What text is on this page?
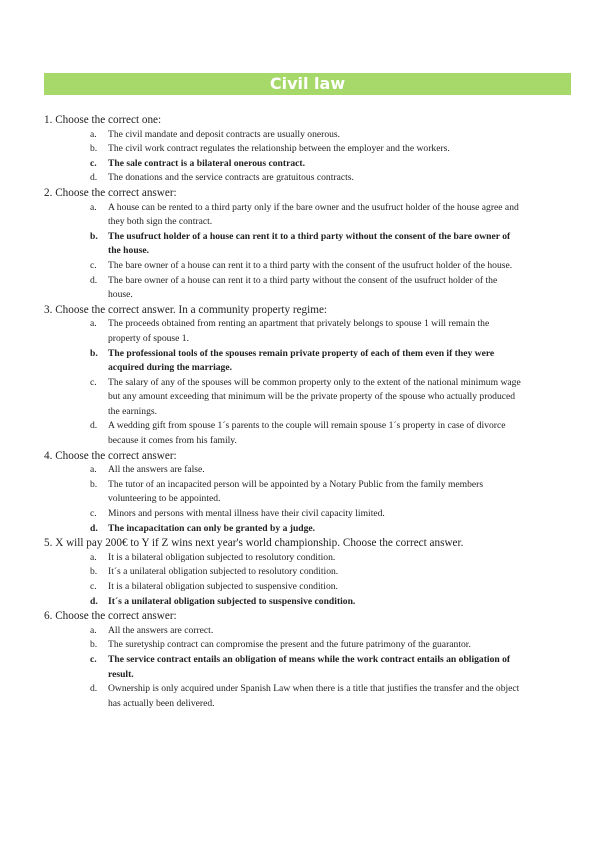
Civil law

1. Choose the correct one:

a. The civil mandate and deposit contracts are usually onerous.
b. The civil work contract regulates the relationship between the employer and the workers.
c. The sale contract is a bilateral onerous contract.
d. The donations and the service contracts are gratuitous contracts.

2. Choose the correct answer:

a. A house can be rented to a third party only if the bare owner and the usufruct holder of the house agree and they both sign the contract.
b. The usufruct holder of a house can rent it to a third party without the consent of the bare owner of the house.
c. The bare owner of a house can rent it to a third party with the consent of the usufruct holder of the house.
d. The bare owner of a house can rent it to a third party without the consent of the usufruct holder of the house.

3. Choose the correct answer. In a community property regime:

a. The proceeds obtained from renting an apartment that privately belongs to spouse 1 will remain the property of spouse 1.
b. The professional tools of the spouses remain private property of each of them even if they were acquired during the marriage.
c. The salary of any of the spouses will be common property only to the extent of the national minimum wage but any amount exceeding that minimum will be the private property of the spouse who actually produced the earnings.
d. A wedding gift from spouse 1´s parents to the couple will remain spouse 1´s property in case of divorce because it comes from his family.

4. Choose the correct answer:

a. All the answers are false.
b. The tutor of an incapacited person will be appointed by a Notary Public from the family members volunteering to be appointed.
c. Minors and persons with mental illness have their civil capacity limited.
d. The incapacitation can only be granted by a judge.

5. X will pay 200€ to Y if Z wins next year's world championship. Choose the correct answer.

a. It is a bilateral obligation subjected to resolutory condition.
b. It´s a unilateral obligation subjected to resolutory condition.
c. It is a bilateral obligation subjected to suspensive condition.
d. It´s a unilateral obligation subjected to suspensive condition.

6. Choose the correct answer:

a. All the answers are correct.
b. The suretyship contract can compromise the present and the future patrimony of the guarantor.
c. The service contract entails an obligation of means while the work contract entails an obligation of result.
d. Ownership is only acquired under Spanish Law when there is a title that justifies the transfer and the object has actually been delivered.
